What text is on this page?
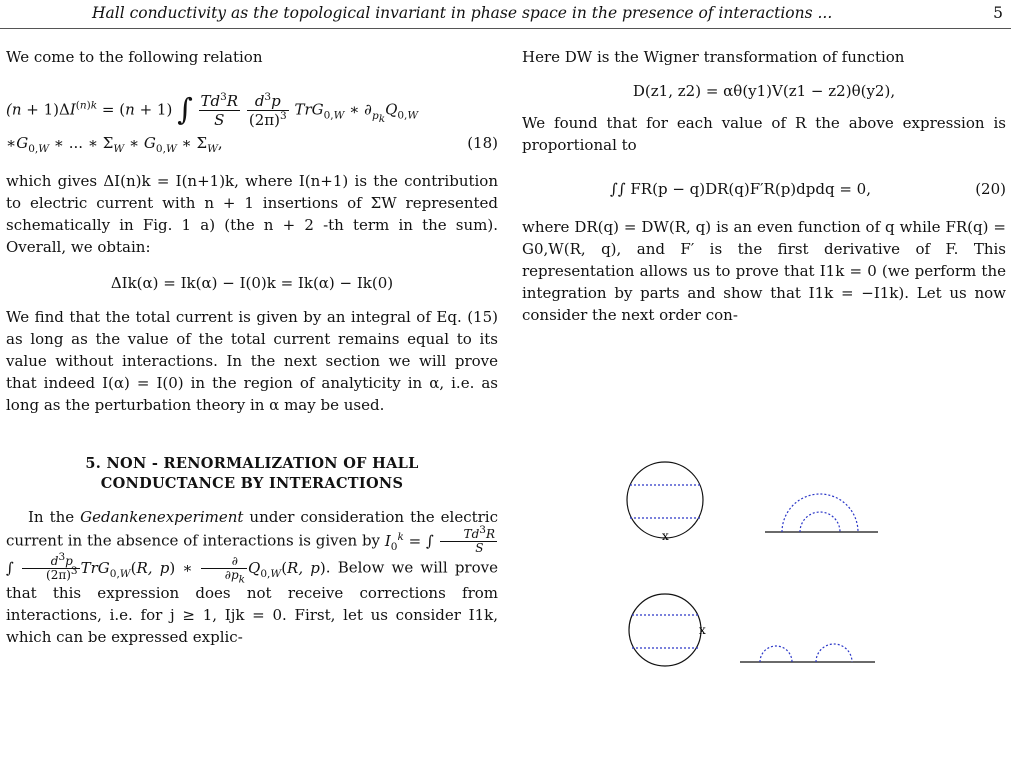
Hall conductivity as the topological invariant in phase space in the presence of interactions ...	5

We come to the following relation

$(n + 1)\Delta I^{(n)k} = (n + 1)$ ∫ $\frac{Td^3R}{S}$
$\frac{d^3p}{(2\pi)^3} TrG_{0,W}$ ∗ $\partial_{p_k}Q_{0,W}$
$∗G_{0,W}$ ∗ ... ∗ $\Sigma_W$ ∗ $G_{0,W}$ ∗ $\Sigma_W$,	(18)

which gives ΔI(n)k = I(n+1)k, where I(n+1) is the contribution to electric current with n + 1 insertions of ΣW represented schematically in Fig. 1 a) (the n + 2 -th term in the sum). Overall, we obtain:

ΔIk(α) = Ik(α) − I(0)k = Ik(α) − Ik(0)

We find that the total current is given by an integral of Eq. (15) as long as the value of the total current remains equal to its value without interactions. In the next section we will prove that indeed I(α) = I(0) in the region of analyticity in α, i.e. as long as the perturbation theory in α may be used.

5. NON - RENORMALIZATION OF HALL
CONDUCTANCE BY INTERACTIONS

In the Gedankenexperiment under consideration the electric current in the absence of interactions is given by $I_0^k$ = ∫ $\frac{Td^3R}{S}$
∫ $\frac{d^3p}{(2\pi)^3} TrG_{0,W}(R$, p) ∗ $\frac{\partial}{\partial p_k} Q_{0,W}(R$, p). Below we will prove that this expression does not receive corrections from interactions, i.e. for j ≥ 1, Ijk = 0. First, let us consider I1k, which can be expressed explic-

Here DW is the Wigner transformation of function

D(z1, z2) = αθ(y1)V(z1 − z2)θ(y2),

We found that for each value of R the above expression is proportional to

∫∫ FR(p − q)DR(q)F′R(p)dpdq = 0,	(20)

where DR(q) = DW(R, q) is an even function of q while FR(q) = G0,W(R, q), and F′ is the first derivative of F. This representation allows us to prove that I1k = 0 (we perform the integration by parts and show that I1k = −I1k). Let us now consider the next order con-

x
x
